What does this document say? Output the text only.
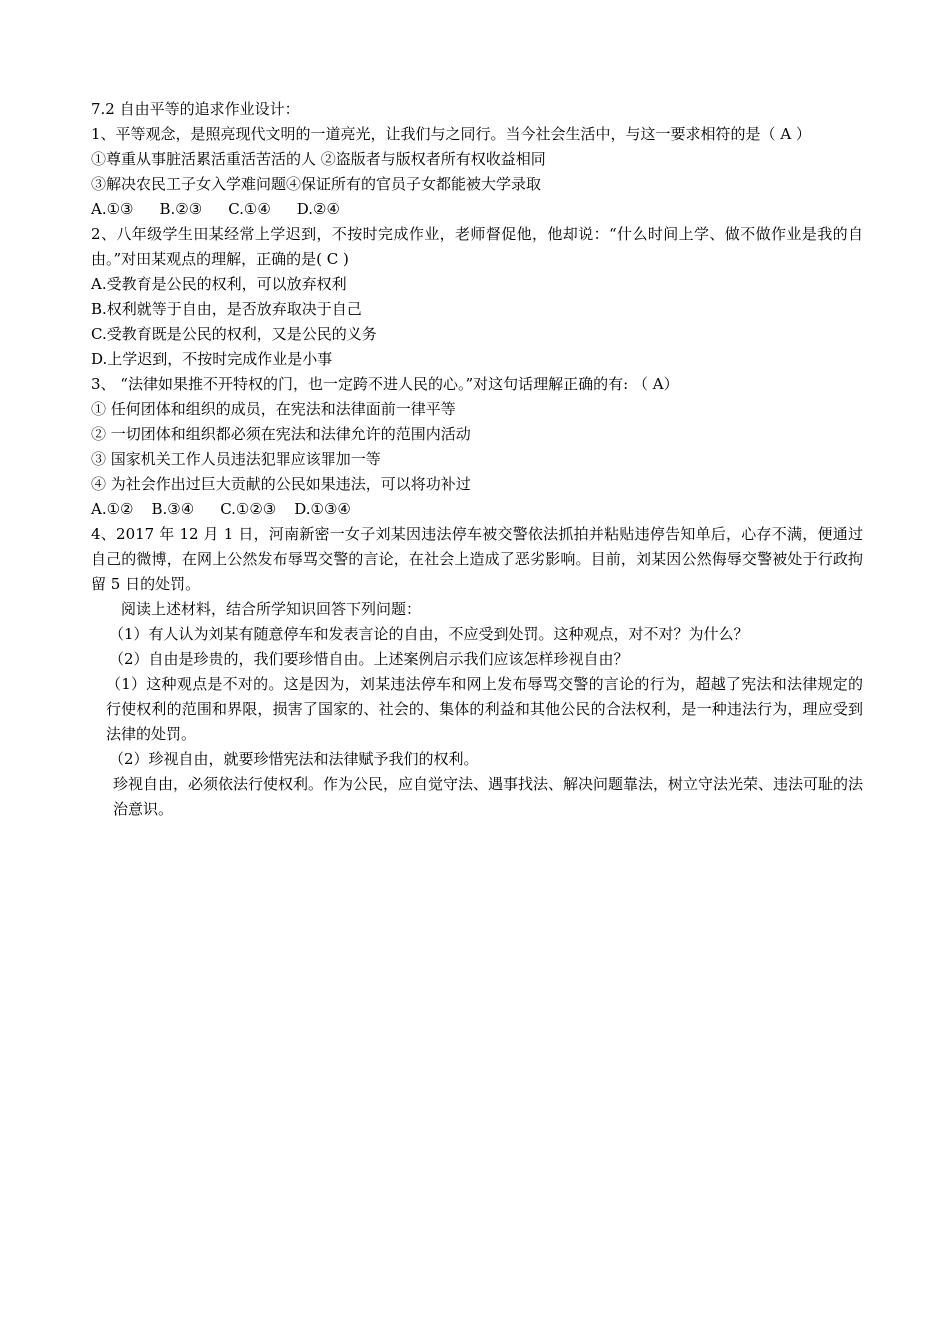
7.2 自由平等的追求作业设计：
1、平等观念，是照亮现代文明的一道亮光，让我们与之同行。当今社会生活中，与这一要求相符的是（ A ）
①尊重从事脏活累活重活苦活的人 ②盗版者与版权者所有权收益相同
③解决农民工子女入学难问题④保证所有的官员子女都能被大学录取
A.①③ B.②③ C.①④ D.②④
2、八年级学生田某经常上学迟到，不按时完成作业，老师督促他，他却说：“什么时间上学、做不做作业是我的自由。”对田某观点的理解，正确的是( C )
A.受教育是公民的权利，可以放弃权利
B.权利就等于自由，是否放弃取决于自己
C.受教育既是公民的权利，又是公民的义务
D.上学迟到，不按时完成作业是小事
3、 “法律如果推不开特权的门，也一定跨不进人民的心。”对这句话理解正确的有: （ A）
① 任何团体和组织的成员，在宪法和法律面前一律平等
② 一切团体和组织都必须在宪法和法律允许的范围内活动
③ 国家机关工作人员违法犯罪应该罪加一等
④ 为社会作出过巨大贡献的公民如果违法，可以将功补过
A.①② B.③④ C.①②③ D.①③④
4、2017 年 12 月 1 日，河南新密一女子刘某因违法停车被交警依法抓拍并粘贴违停告知单后，心存不满，便通过自己的微博，在网上公然发布辱骂交警的言论，在社会上造成了恶劣影响。目前，刘某因公然侮辱交警被处于行政拘留 5 日的处罚。
阅读上述材料，结合所学知识回答下列问题：
（1）有人认为刘某有随意停车和发表言论的自由，不应受到处罚。这种观点，对不对？为什么？
（2）自由是珍贵的，我们要珍惜自由。上述案例启示我们应该怎样珍视自由？
（1）这种观点是不对的。这是因为，刘某违法停车和网上发布辱骂交警的言论的行为，超越了宪法和法律规定的行使权利的范围和界限，损害了国家的、社会的、集体的利益和其他公民的合法权利，是一种违法行为，理应受到法律的处罚。
（2）珍视自由，就要珍惜宪法和法律赋予我们的权利。
珍视自由，必须依法行使权利。作为公民，应自觉守法、遇事找法、解决问题靠法，树立守法光荣、违法可耻的法治意识。
